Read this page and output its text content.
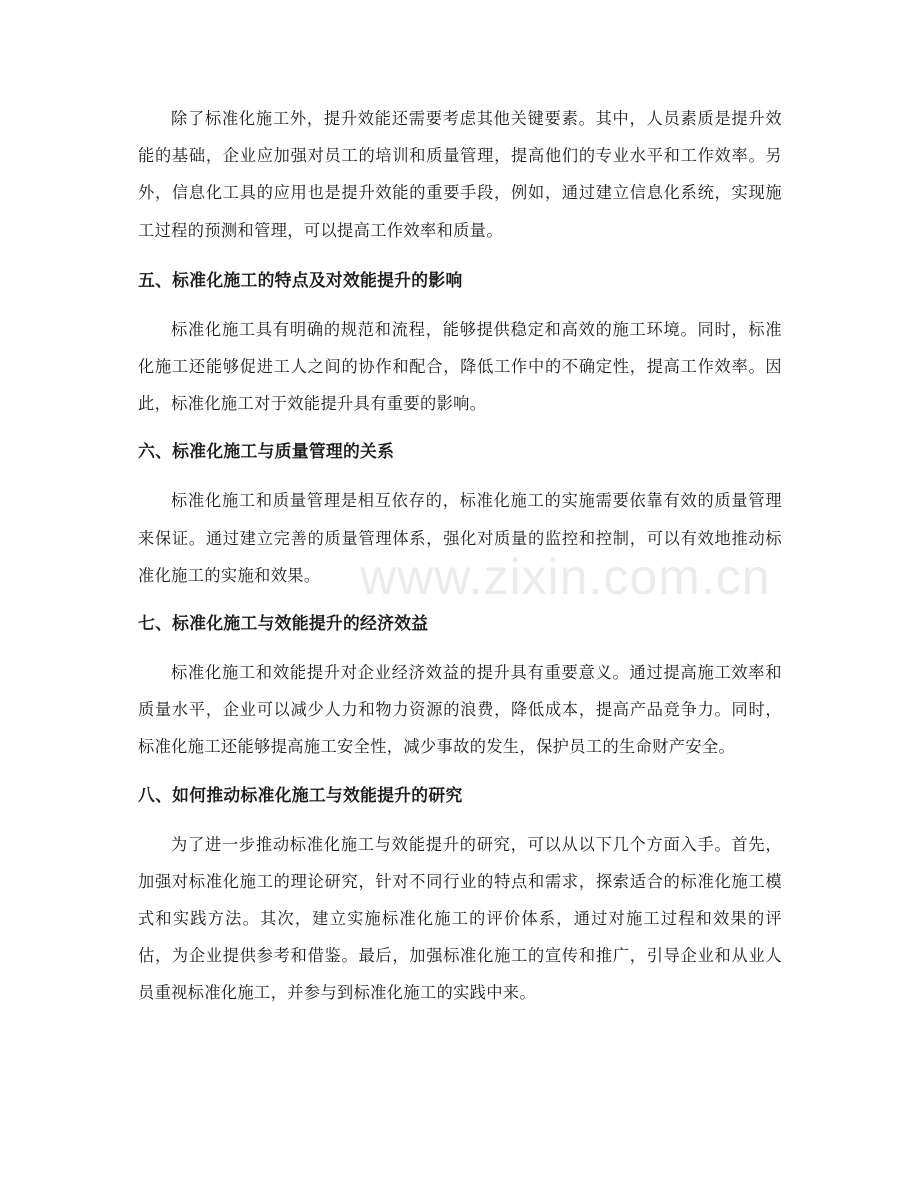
除了标准化施工外，提升效能还需要考虑其他关键要素。其中，人员素质是提升效能的基础，企业应加强对员工的培训和质量管理，提高他们的专业水平和工作效率。另外，信息化工具的应用也是提升效能的重要手段，例如，通过建立信息化系统，实现施工过程的预测和管理，可以提高工作效率和质量。

五、标准化施工的特点及对效能提升的影响

标准化施工具有明确的规范和流程，能够提供稳定和高效的施工环境。同时，标准化施工还能够促进工人之间的协作和配合，降低工作中的不确定性，提高工作效率。因此，标准化施工对于效能提升具有重要的影响。

六、标准化施工与质量管理的关系

标准化施工和质量管理是相互依存的，标准化施工的实施需要依靠有效的质量管理来保证。通过建立完善的质量管理体系，强化对质量的监控和控制，可以有效地推动标准化施工的实施和效果。

七、标准化施工与效能提升的经济效益

标准化施工和效能提升对企业经济效益的提升具有重要意义。通过提高施工效率和质量水平，企业可以减少人力和物力资源的浪费，降低成本，提高产品竞争力。同时，标准化施工还能够提高施工安全性，减少事故的发生，保护员工的生命财产安全。

八、如何推动标准化施工与效能提升的研究

为了进一步推动标准化施工与效能提升的研究，可以从以下几个方面入手。首先，加强对标准化施工的理论研究，针对不同行业的特点和需求，探索适合的标准化施工模式和实践方法。其次，建立实施标准化施工的评价体系，通过对施工过程和效果的评估，为企业提供参考和借鉴。最后，加强标准化施工的宣传和推广，引导企业和从业人员重视标准化施工，并参与到标准化施工的实践中来。

www.zixin.com.cn
